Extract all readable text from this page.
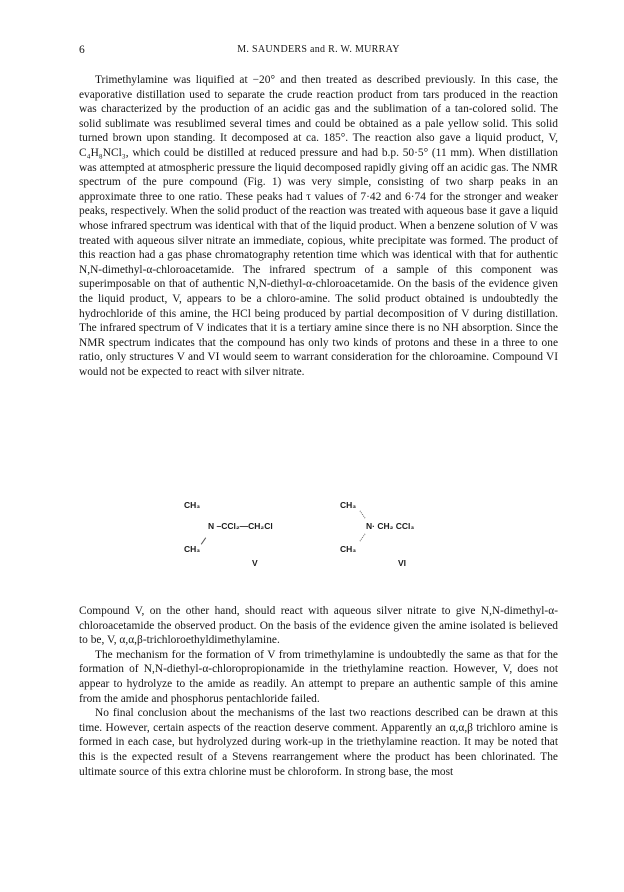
6	M. SAUNDERS and R. W. MURRAY

Trimethylamine was liquified at −20° and then treated as described previously. In this case, the evaporative distillation used to separate the crude reaction product from tars produced in the reaction was characterized by the production of an acidic gas and the sublimation of a tan-colored solid. The solid sublimate was resublimed several times and could be obtained as a pale yellow solid. This solid turned brown upon standing. It decomposed at ca. 185°. The reaction also gave a liquid product, V, C₄H₈NCl₃, which could be distilled at reduced pressure and had b.p. 50·5° (11 mm). When distillation was attempted at atmospheric pressure the liquid decomposed rapidly giving off an acidic gas. The NMR spectrum of the pure compound (Fig. 1) was very simple, consisting of two sharp peaks in an approximate three to one ratio. These peaks had τ values of 7·42 and 6·74 for the stronger and weaker peaks, respectively. When the solid product of the reaction was treated with aqueous base it gave a liquid whose infrared spectrum was identical with that of the liquid product. When a benzene solution of V was treated with aqueous silver nitrate an immediate, copious, white precipitate was formed. The product of this reaction had a gas phase chromatography retention time which was identical with that for authentic N,N-dimethyl-α-chloroacetamide. The infrared spectrum of a sample of this component was superimposable on that of authentic N,N-diethyl-α-chloroacetamide. On the basis of the evidence given the liquid product, V, appears to be a chloro-amine. The solid product obtained is undoubtedly the hydrochloride of this amine, the HCl being produced by partial decomposition of V during distillation. The infrared spectrum of V indicates that it is a tertiary amine since there is no NH absorption. Since the NMR spectrum indicates that the compound has only two kinds of protons and these in a three to one ratio, only structures V and VI would seem to warrant consideration for the chloroamine. Compound VI would not be expected to react with silver nitrate.

CH₃
N –CCl₂—CH₂Cl
CH₃
V
CH₃
N· CH₂ CCl₃
CH₃
VI

Compound V, on the other hand, should react with aqueous silver nitrate to give N,N-dimethyl-α-chloroacetamide the observed product. On the basis of the evidence given the amine isolated is believed to be, V, α,α,β-trichloroethyldimethylamine.

The mechanism for the formation of V from trimethylamine is undoubtedly the same as that for the formation of N,N-diethyl-α-chloropropionamide in the triethylamine reaction. However, V, does not appear to hydrolyze to the amide as readily. An attempt to prepare an authentic sample of this amine from the amide and phosphorus pentachloride failed.

No final conclusion about the mechanisms of the last two reactions described can be drawn at this time. However, certain aspects of the reaction deserve comment. Apparently an α,α,β trichloro amine is formed in each case, but hydrolyzed during work-up in the triethylamine reaction. It may be noted that this is the expected result of a Stevens rearrangement where the product has been chlorinated. The ultimate source of this extra chlorine must be chloroform. In strong base, the most
